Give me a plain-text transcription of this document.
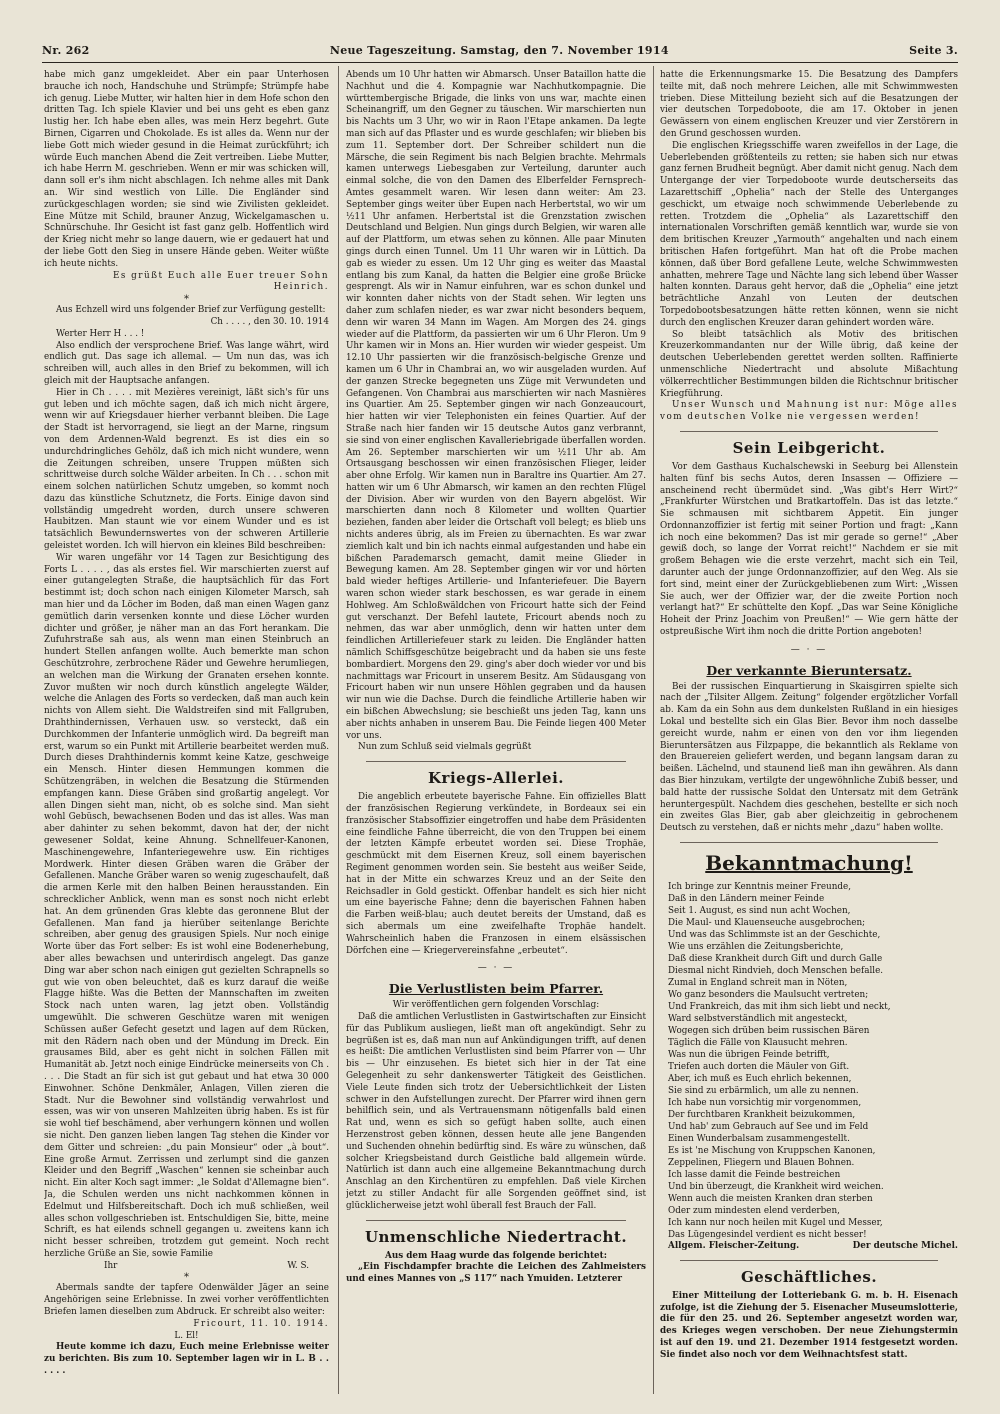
Nr. 262	Neue Tageszeitung. Samstag, den 7. November 1914	Seite 3.

habe mich ganz umgekleidet. Aber ein paar Unterhosen brauche ich noch, Handschuhe und Strümpfe; Strümpfe habe ich genug. Liebe Mutter, wir halten hier in dem Hofe schon den dritten Tag. Ich spiele Klavier und bei uns geht es eben ganz lustig her. Ich habe eben alles, was mein Herz begehrt. Gute Birnen, Cigarren und Chokolade. Es ist alles da. Wenn nur der liebe Gott mich wieder gesund in die Heimat zurückführt; ich würde Euch manchen Abend die Zeit vertreiben. Liebe Mutter, ich habe Herrn M. geschrieben. Wenn er mir was schicken will, dann soll er's ihm nicht abschlagen. Ich nehme alles mit Dank an. Wir sind westlich von Lille. Die Engländer sind zurückgeschlagen worden; sie sind wie Zivilisten gekleidet. Eine Mütze mit Schild, brauner Anzug, Wickelgamaschen u. Schnürschuhe. Ihr Gesicht ist fast ganz gelb. Hoffentlich wird der Krieg nicht mehr so lange dauern, wie er gedauert hat und der liebe Gott den Sieg in unsere Hände geben. Weiter wüßte ich heute nichts.

Es grüßt Euch alle Euer treuer Sohn Heinrich.

*

Aus Echzell wird uns folgender Brief zur Verfügung gestellt:

Ch . . . . , den 30. 10. 1914

Werter Herr H . . . !

Also endlich der versprochene Brief. Was lange währt, wird endlich gut. Das sage ich allemal. — Um nun das, was ich schreiben will, auch alles in den Brief zu bekommen, will ich gleich mit der Hauptsache anfangen.

Hier in Ch . . . . mit Mezières vereinigt, läßt sich's für uns gut leben und ich möchte sagen, daß ich mich nicht ärgere, wenn wir auf Kriegsdauer hierher verbannt bleiben. Die Lage der Stadt ist hervorragend, sie liegt an der Marne, ringsum von dem Ardennen-Wald begrenzt. Es ist dies ein so undurchdringliches Gehölz, daß ich mich nicht wundere, wenn die Zeitungen schreiben, unsere Truppen müßten sich schrittweise durch solche Wälder arbeiten. In Ch . . . schon mit einem solchen natürlichen Schutz umgeben, so kommt noch dazu das künstliche Schutznetz, die Forts. Einige davon sind vollständig umgedreht worden, durch unsere schweren Haubitzen. Man staunt wie vor einem Wunder und es ist tatsächlich Bewundernswertes von der schweren Artillerie geleistet worden. Ich will hiervon ein kleines Bild beschreiben:

Wir waren ungefähr vor 14 Tagen zur Besichtigung des Forts L . . . . , das als erstes fiel. Wir marschierten zuerst auf einer gutangelegten Straße, die hauptsächlich für das Fort bestimmt ist; doch schon nach einigen Kilometer Marsch, sah man hier und da Löcher im Boden, daß man einen Wagen ganz gemütlich darin versenken konnte und diese Löcher wurden dichter und größer, je näher man an das Fort herankam. Die Zufuhrstraße sah aus, als wenn man einen Steinbruch an hundert Stellen anfangen wollte. Auch bemerkte man schon Geschützrohre, zerbrochene Räder und Gewehre herumliegen, an welchen man die Wirkung der Granaten ersehen konnte. Zuvor mußten wir noch durch künstlich angelegte Wälder, welche die Anlagen des Forts so verdecken, daß man auch kein nichts von Allem sieht. Die Waldstreifen sind mit Fallgruben, Drahthindernissen, Verhauen usw. so versteckt, daß ein Durchkommen der Infanterie unmöglich wird. Da begreift man erst, warum so ein Punkt mit Artillerie bearbeitet werden muß. Durch dieses Drahthindernis kommt keine Katze, geschweige ein Mensch. Hinter diesen Hemmungen kommen die Schützengräben, in welchen die Besatzung die Stürmenden empfangen kann. Diese Gräben sind großartig angelegt. Vor allen Dingen sieht man, nicht, ob es solche sind. Man sieht wohl Gebüsch, bewachsenen Boden und das ist alles. Was man aber dahinter zu sehen bekommt, davon hat der, der nicht gewesener Soldat, keine Ahnung. Schnellfeuer-Kanonen, Maschinengewehre, Infanteriegewehre usw. Ein richtiges Mordwerk. Hinter diesen Gräben waren die Gräber der Gefallenen. Manche Gräber waren so wenig zugeschaufelt, daß die armen Kerle mit den halben Beinen herausstanden. Ein schrecklicher Anblick, wenn man es sonst noch nicht erlebt hat. An dem grünenden Gras klebte das geronnene Blut der Gefallenen. Man fand ja hierüber seitenlange Berichte schreiben, aber genug des grausigen Spiels. Nur noch einige Worte über das Fort selber: Es ist wohl eine Bodenerhebung, aber alles bewachsen und unterirdisch angelegt. Das ganze Ding war aber schon nach einigen gut gezielten Schrapnells so gut wie von oben beleuchtet, daß es kurz darauf die weiße Flagge hißte. Was die Betten der Mannschaften im zweiten Stock nach unten waren, lag jetzt oben. Vollständig umgewühlt. Die schweren Geschütze waren mit wenigen Schüssen außer Gefecht gesetzt und lagen auf dem Rücken, mit den Rädern nach oben und der Mündung im Dreck. Ein grausames Bild, aber es geht nicht in solchen Fällen mit Humanität ab. Jetzt noch einige Eindrücke meinerseits von Ch . . . . Die Stadt an für sich ist gut gebaut und hat etwa 30 000 Einwohner. Schöne Denkmäler, Anlagen, Villen zieren die Stadt. Nur die Bewohner sind vollständig verwahrlost und essen, was wir von unseren Mahlzeiten übrig haben. Es ist für sie wohl tief beschämend, aber verhungern können und wollen sie nicht. Den ganzen lieben langen Tag stehen die Kinder vor dem Gitter und schreien: „du pain Monsieur“ oder „à bout“. Eine große Armut. Zerrissen und zerlumpt sind die ganzen Kleider und den Begriff „Waschen“ kennen sie scheinbar auch nicht. Ein alter Koch sagt immer: „le Soldat d'Allemagne bien“. Ja, die Schulen werden uns nicht nachkommen können in Edelmut und Hilfsbereitschaft. Doch ich muß schließen, weil alles schon vollgeschrieben ist. Entschuldigen Sie, bitte, meine Schrift, es hat eilends schnell gegangen u. zweitens kann ich nicht besser schreiben, trotzdem gut gemeint. Noch recht herzliche Grüße an Sie, sowie Familie

Ihr	W. S.
*

Abermals sandte der tapfere Odenwälder Jäger an seine Angehörigen seine Erlebnisse. In zwei vorher veröffentlichten Briefen lamen dieselben zum Abdruck. Er schreibt also weiter:

Fricourt, 11. 10. 1914.

L. El!

Heute komme ich dazu, Euch meine Erlebnisse weiter zu berichten. Bis zum 10. September lagen wir in L. B . . . . . .

Abends um 10 Uhr hatten wir Abmarsch. Unser Bataillon hatte die Nachhut und die 4. Kompagnie war Nachhutkompagnie. Die württembergische Brigade, die links von uns war, machte einen Scheinangriff, um den Gegner zu täuschen. Wir marschierten nun bis Nachts um 3 Uhr, wo wir in Raon l'Etape ankamen. Da legte man sich auf das Pflaster und es wurde geschlafen; wir blieben bis zum 11. September dort. Der Schreiber schildert nun die Märsche, die sein Regiment bis nach Belgien brachte. Mehrmals kamen unterwegs Liebesgaben zur Verteilung, darunter auch einmal solche, die von den Damen des Elberfelder Fernsprech-Amtes gesammelt waren. Wir lesen dann weiter: Am 23. September gings weiter über Eupen nach Herbertstal, wo wir um ½11 Uhr anfamen. Herbertstal ist die Grenzstation zwischen Deutschland und Belgien. Nun gings durch Belgien, wir waren alle auf der Plattform, um etwas sehen zu können. Alle paar Minuten gings durch einen Tunnel. Um 11 Uhr waren wir in Lüttich. Da gab es wieder zu essen. Um 12 Uhr ging es weiter das Maastal entlang bis zum Kanal, da hatten die Belgier eine große Brücke gesprengt. Als wir in Namur einfuhren, war es schon dunkel und wir konnten daher nichts von der Stadt sehen. Wir legten uns daher zum schlafen nieder, es war zwar nicht besonders bequem, denn wir waren 34 Mann im Wagen. Am Morgen des 24. gings wieder auf die Plattform, da passierten wir um 6 Uhr Fleron. Um 9 Uhr kamen wir in Mons an. Hier wurden wir wieder gespeist. Um 12.10 Uhr passierten wir die französisch-belgische Grenze und kamen um 6 Uhr in Chambrai an, wo wir ausgeladen wurden. Auf der ganzen Strecke begegneten uns Züge mit Verwundeten und Gefangenen. Von Chambrai aus marschierten wir nach Masnières ins Quartier. Am 25. September gingen wir nach Gonzeaucourt, hier hatten wir vier Telephonisten ein feines Quartier. Auf der Straße nach hier fanden wir 15 deutsche Autos ganz verbrannt, sie sind von einer englischen Kavalleriebrigade überfallen worden. Am 26. September marschierten wir um ½11 Uhr ab. Am Ortsausgang beschossen wir einen französischen Flieger, leider aber ohne Erfolg. Wir kamen nun in Baraltre ins Quartier. Am 27. hatten wir um 6 Uhr Abmarsch, wir kamen an den rechten Flügel der Division. Aber wir wurden von den Bayern abgelöst. Wir marschierten dann noch 8 Kilometer und wollten Quartier beziehen, fanden aber leider die Ortschaft voll belegt; es blieb uns nichts anderes übrig, als im Freien zu übernachten. Es war zwar ziemlich kalt und bin ich nachts einmal aufgestanden und habe ein bißchen Parademarsch gemacht, damit meine Glieder in Bewegung kamen. Am 28. September gingen wir vor und hörten bald wieder heftiges Artillerie- und Infanteriefeuer. Die Bayern waren schon wieder stark beschossen, es war gerade in einem Hohlweg. Am Schloßwäldchen von Fricourt hatte sich der Feind gut verschanzt. Der Befehl lautete, Fricourt abends noch zu nehmen, das war aber unmöglich, denn wir hatten unter dem feindlichen Artilleriefeuer stark zu leiden. Die Engländer hatten nämlich Schiffsgeschütze beigebracht und da haben sie uns feste bombardiert. Morgens den 29. ging's aber doch wieder vor und bis nachmittags war Fricourt in unserem Besitz. Am Südausgang von Fricourt haben wir nun unsere Höhlen gegraben und da hausen wir nun wie die Dachse. Durch die feindliche Artillerie haben wir ein bißchen Abwechslung; sie beschießt uns jeden Tag, kann uns aber nichts anhaben in unserem Bau. Die Feinde liegen 400 Meter vor uns.

Nun zum Schluß seid vielmals gegrüßt

Kriegs-Allerlei.

Die angeblich erbeutete bayerische Fahne. Ein offizielles Blatt der französischen Regierung verkündete, in Bordeaux sei ein französischer Stabsoffizier eingetroffen und habe dem Präsidenten eine feindliche Fahne überreicht, die von den Truppen bei einem der letzten Kämpfe erbeutet worden sei. Diese Trophäe, geschmückt mit dem Eisernen Kreuz, soll einem bayerischen Regiment genommen worden sein. Sie besteht aus weißer Seide, hat in der Mitte ein schwarzes Kreuz und an der Seite den Reichsadler in Gold gestickt. Offenbar handelt es sich hier nicht um eine bayerische Fahne; denn die bayerischen Fahnen haben die Farben weiß-blau; auch deutet bereits der Umstand, daß es sich abermals um eine zweifelhafte Trophäe handelt. Wahrscheinlich haben die Franzosen in einem elsässischen Dörfchen eine — Kriegervereinsfahne „erbeutet“.

— · —
Die Verlustlisten beim Pfarrer.

Wir veröffentlichen gern folgenden Vorschlag:

Daß die amtlichen Verlustlisten in Gastwirtschaften zur Einsicht für das Publikum ausliegen, ließt man oft angekündigt. Sehr zu begrüßen ist es, daß man nun auf Ankündigungen trifft, auf denen es heißt: Die amtlichen Verlustlisten sind beim Pfarrer von — Uhr bis — Uhr einzusehen. Es bietet sich hier in der Tat eine Gelegenheit zu sehr dankenswerter Tätigkeit des Geistlichen. Viele Leute finden sich trotz der Uebersichtlichkeit der Listen schwer in den Aufstellungen zurecht. Der Pfarrer wird ihnen gern behilflich sein, und als Vertrauensmann nötigenfalls bald einen Rat und, wenn es sich so gefügt haben sollte, auch einen Herzenstrost geben können, dessen heute alle jene Bangenden und Suchenden ohnehin bedürftig sind. Es wäre zu wünschen, daß solcher Kriegsbeistand durch Geistliche bald allgemein würde. Natürlich ist dann auch eine allgemeine Bekanntmachung durch Anschlag an den Kirchentüren zu empfehlen. Daß viele Kirchen jetzt zu stiller Andacht für alle Sorgenden geöffnet sind, ist glücklicherweise jetzt wohl überall fest Brauch der Fall.

Unmenschliche Niedertracht.

Aus dem Haag wurde das folgende berichtet:

„Ein Fischdampfer brachte die Leichen des Zahlmeisters und eines Mannes von „S 117“ nach Ymuiden. Letzterer

hatte die Erkennungsmarke 15. Die Besatzung des Dampfers teilte mit, daß noch mehrere Leichen, alle mit Schwimmwesten trieben. Diese Mitteilung bezieht sich auf die Besatzungen der vier deutschen Torpedoboote, die am 17. Oktober in jenen Gewässern von einem englischen Kreuzer und vier Zerstörern in den Grund geschossen wurden.

Die englischen Kriegsschiffe waren zweifellos in der Lage, die Ueberlebenden größtenteils zu retten; sie haben sich nur etwas ganz fernen Brudheit begnügt. Aber damit nicht genug. Nach dem Untergange der vier Torpedoboote wurde deutscherseits das Lazarettschiff „Ophelia“ nach der Stelle des Unterganges geschickt, um etwaige noch schwimmende Ueberlebende zu retten. Trotzdem die „Ophelia“ als Lazarettschiff den internationalen Vorschriften gemäß kenntlich war, wurde sie von dem britischen Kreuzer „Yarmouth“ angehalten und nach einem britischen Hafen fortgeführt. Man hat oft die Probe machen können, daß über Bord gefallene Leute, welche Schwimmwesten anhatten, mehrere Tage und Nächte lang sich lebend über Wasser halten konnten. Daraus geht hervor, daß die „Ophelia“ eine jetzt beträchtliche Anzahl von Leuten der deutschen Torpedobootsbesatzungen hätte retten können, wenn sie nicht durch den englischen Kreuzer daran gehindert worden wäre.

So bleibt tatsächlich als Motiv des britischen Kreuzerkommandanten nur der Wille übrig, daß keine der deutschen Ueberlebenden gerettet werden sollten. Raffinierte unmenschliche Niedertracht und absolute Mißachtung völkerrechtlicher Bestimmungen bilden die Richtschnur britischer Kriegführung.

Unser Wunsch und Mahnung ist nur: Möge alles vom deutschen Volke nie vergessen werden!

Sein Leibgericht.

Vor dem Gasthaus Kuchalschewski in Seeburg bei Allenstein halten fünf bis sechs Autos, deren Insassen — Offiziere — anscheinend recht übermüdet sind. „Was gibt's Herr Wirt?“ „Frankfurter Würstchen und Bratkartoffeln. Das ist das letzte.“ Sie schmausen mit sichtbarem Appetit. Ein junger Ordonnanzoffizier ist fertig mit seiner Portion und fragt: „Kann ich noch eine bekommen? Das ist mir gerade so gerne!“ „Aber gewiß doch, so lange der Vorrat reicht!“ Nachdem er sie mit großem Behagen wie die erste verzehrt, macht sich ein Teil, darunter auch der junge Ordonnanzoffizier, auf den Weg. Als sie fort sind, meint einer der Zurückgebliebenen zum Wirt: „Wissen Sie auch, wer der Offizier war, der die zweite Portion noch verlangt hat?“ Er schüttelte den Kopf. „Das war Seine Königliche Hoheit der Prinz Joachim von Preußen!“ — Wie gern hätte der ostpreußische Wirt ihm noch die dritte Portion angeboten!

— · —
Der verkannte Bieruntersatz.

Bei der russischen Einquartierung in Skaisgirren spielte sich nach der „Tilsiter Allgem. Zeitung“ folgender ergötzlicher Vorfall ab. Kam da ein Sohn aus dem dunkelsten Rußland in ein hiesiges Lokal und bestellte sich ein Glas Bier. Bevor ihm noch dasselbe gereicht wurde, nahm er einen von den vor ihm liegenden Bieruntersätzen aus Filzpappe, die bekanntlich als Reklame von den Brauereien geliefert werden, und begann langsam daran zu beißen. Lächelnd, und staunend ließ man ihn gewähren. Als dann das Bier hinzukam, vertilgte der ungewöhnliche Zubiß besser, und bald hatte der russische Soldat den Untersatz mit dem Getränk heruntergespült. Nachdem dies geschehen, bestellte er sich noch ein zweites Glas Bier, gab aber gleichzeitig in gebrochenem Deutsch zu verstehen, daß er nichts mehr „dazu“ haben wollte.

Bekanntmachung!
Ich bringe zur Kenntnis meiner Freunde,
Daß in den Ländern meiner Feinde
Seit 1. August, es sind nun acht Wochen,
Die Maul- und Klauenseuche ausgebrochen;
Und was das Schlimmste ist an der Geschichte,
Wie uns erzählen die Zeitungsberichte,
Daß diese Krankheit durch Gift und durch Galle
Diesmal nicht Rindvieh, doch Menschen befalle.
Zumal in England schreit man in Nöten,
Wo ganz besonders die Maulsucht vertreten;
Und Frankreich, das mit ihm sich liebt und neckt,
Ward selbstverständlich mit angesteckt,
Wogegen sich drüben beim russischen Bären
Täglich die Fälle von Klausucht mehren.
Was nun die übrigen Feinde betrifft,
Triefen auch dorten die Mäuler von Gift.
Aber, ich muß es Euch ehrlich bekennen,
Sie sind zu erbärmlich, um alle zu nennen.
Ich habe nun vorsichtig mir vorgenommen,
Der furchtbaren Krankheit beizukommen,
Und hab' zum Gebrauch auf See und im Feld
Einen Wunderbalsam zusammengestellt.
Es ist 'ne Mischung von Kruppschen Kanonen,
Zeppelinen, Fliegern und Blauen Bohnen.
Ich lasse damit die Feinde bestreichen
Und bin überzeugt, die Krankheit wird weichen.
Wenn auch die meisten Kranken dran sterben
Oder zum mindesten elend verderben,
Ich kann nur noch heilen mit Kugel und Messer,
Das Lügengesindel verdient es nicht besser!
Allgem. Fleischer-Zeitung.	Der deutsche Michel.
Geschäftliches.

Einer Mitteilung der Lotteriebank G. m. b. H. Eisenach zufolge, ist die Ziehung der 5. Eisenacher Museumslotterie, die für den 25. und 26. September angesetzt worden war, des Krieges wegen verschoben. Der neue Ziehungstermin ist auf den 19. und 21. Dezember 1914 festgesetzt worden. Sie findet also noch vor dem Weihnachtsfest statt.
